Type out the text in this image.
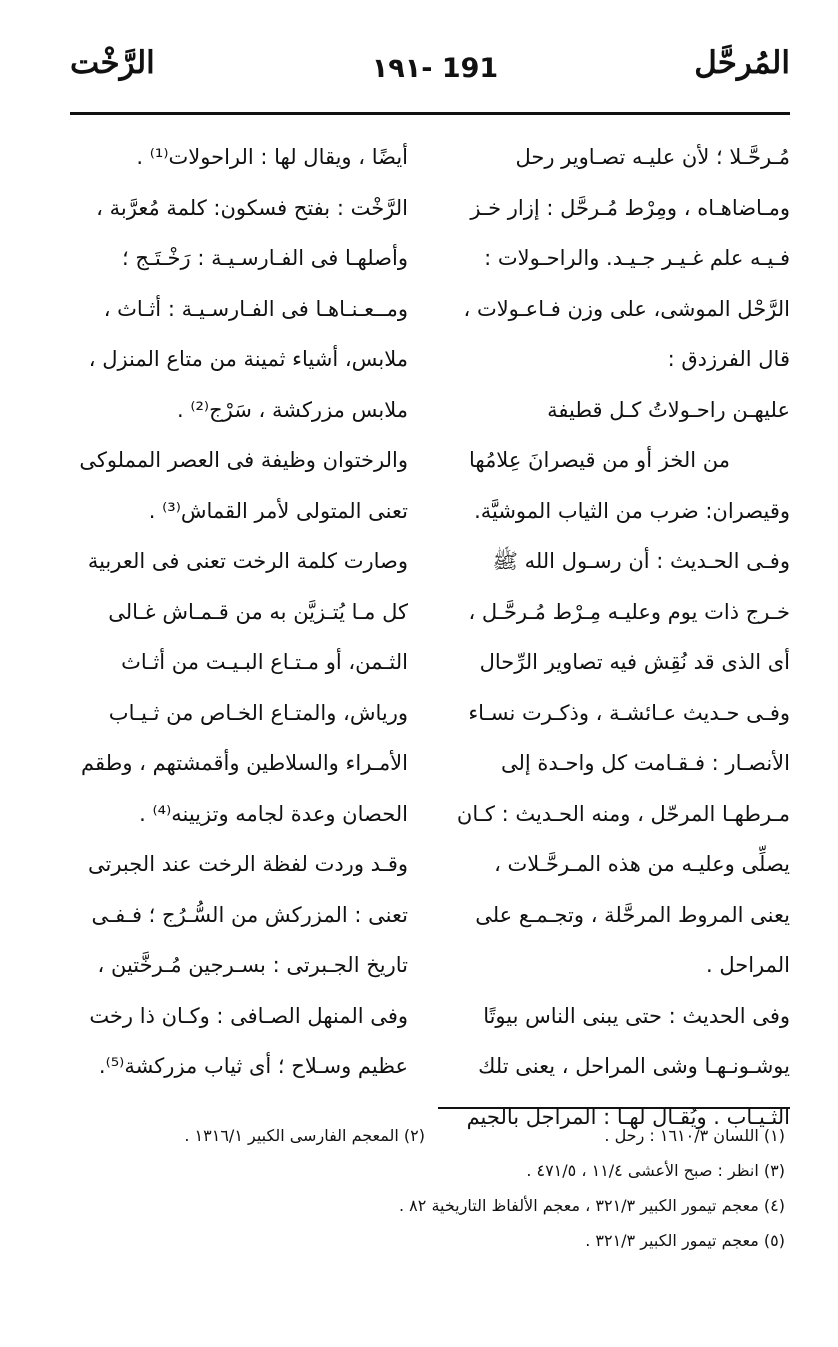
المُرحَّل
١٩١- 191
الرَّخْت
مُـرحَّـلا ؛ لأن عليـه تصـاوير رحل
ومـاضاهـاه ، ومِرْط مُـرحَّل : إزار خـز
فـيـه علم غـيـر جـيـد. والراحـولات :
الرَّحْل الموشى، على وزن فـاعـولات ،
قال الفرزدق :
عليهـن راحـولاتُ كـل قطيفة
من الخز أو من قيصرانَ عِلامُها
وقيصران: ضرب من الثياب الموشيَّة.
وفـى الحـديث : أن رسـول الله ﷺ
خـرج ذات يوم وعليـه مِـرْط مُـرحَّـل ،
أى الذى قد نُقِش فيه تصاوير الرِّحال
وفـى حـديث عـائشـة ، وذكـرت نسـاء
الأنصـار : فـقـامت كل واحـدة إلى
مـرطهـا المرحّل ، ومنه الحـديث : كـان
يصلِّى وعليـه من هذه المـرحَّـلات ،
يعنى المروط المرحَّلة ، وتجـمـع على
المراحل .
وفى الحديث : حتى يبنى الناس بيوتًا
يوشـونـهـا وشى المراحل ، يعنى تلك
الثـيـاب . ويُقـال لهـا : المراجل بالجيم
أيضًا ، ويقال لها : الراحولات⁽¹⁾ .
الرَّخْت : بفتح فسكون: كلمة مُعرَّبة ،
وأصلهـا فى الفـارسـيـة : رَخْـتَـج ؛
ومــعـنـاهـا فى الفـارسـيـة : أثـاث ،
ملابس، أشياء ثمينة من متاع المنزل ،
ملابس مزركشة ، سَرْج⁽²⁾ .
والرختوان وظيفة فى العصر المملوكى
تعنى المتولى لأمر القماش⁽³⁾ .
وصارت كلمة الرخت تعنى فى العربية
كل مـا يُتـزيَّن به من قـمـاش غـالى
الثـمن، أو مـتـاع البـيـت من أثـاث
ورياش، والمتـاع الخـاص من ثـيـاب
الأمـراء والسلاطين وأقمشتهم ، وطقم
الحصان وعدة لجامه وتزيينه⁽⁴⁾ .
وقـد وردت لفظة الرخت عند الجبرتى
تعنى : المزركش من السُّـرُج ؛ فـفـى
تاريخ الجـبرتى : بسـرجين مُـرخَّتين ،
وفى المنهل الصـافى : وكـان ذا رخت
عظيم وسـلاح ؛ أى ثياب مزركشة⁽⁵⁾.
(١) اللسان ١٦١٠/٣ : رحل .
(٢) المعجم الفارسى الكبير ١٣١٦/١ .
(٣) انظر : صبح الأعشى ١١/٤ ، ٤٧١/٥ .
(٤) معجم تيمور الكبير ٣٢١/٣ ، معجم الألفاظ التاريخية ٨٢ .
(٥) معجم تيمور الكبير ٣٢١/٣ .
